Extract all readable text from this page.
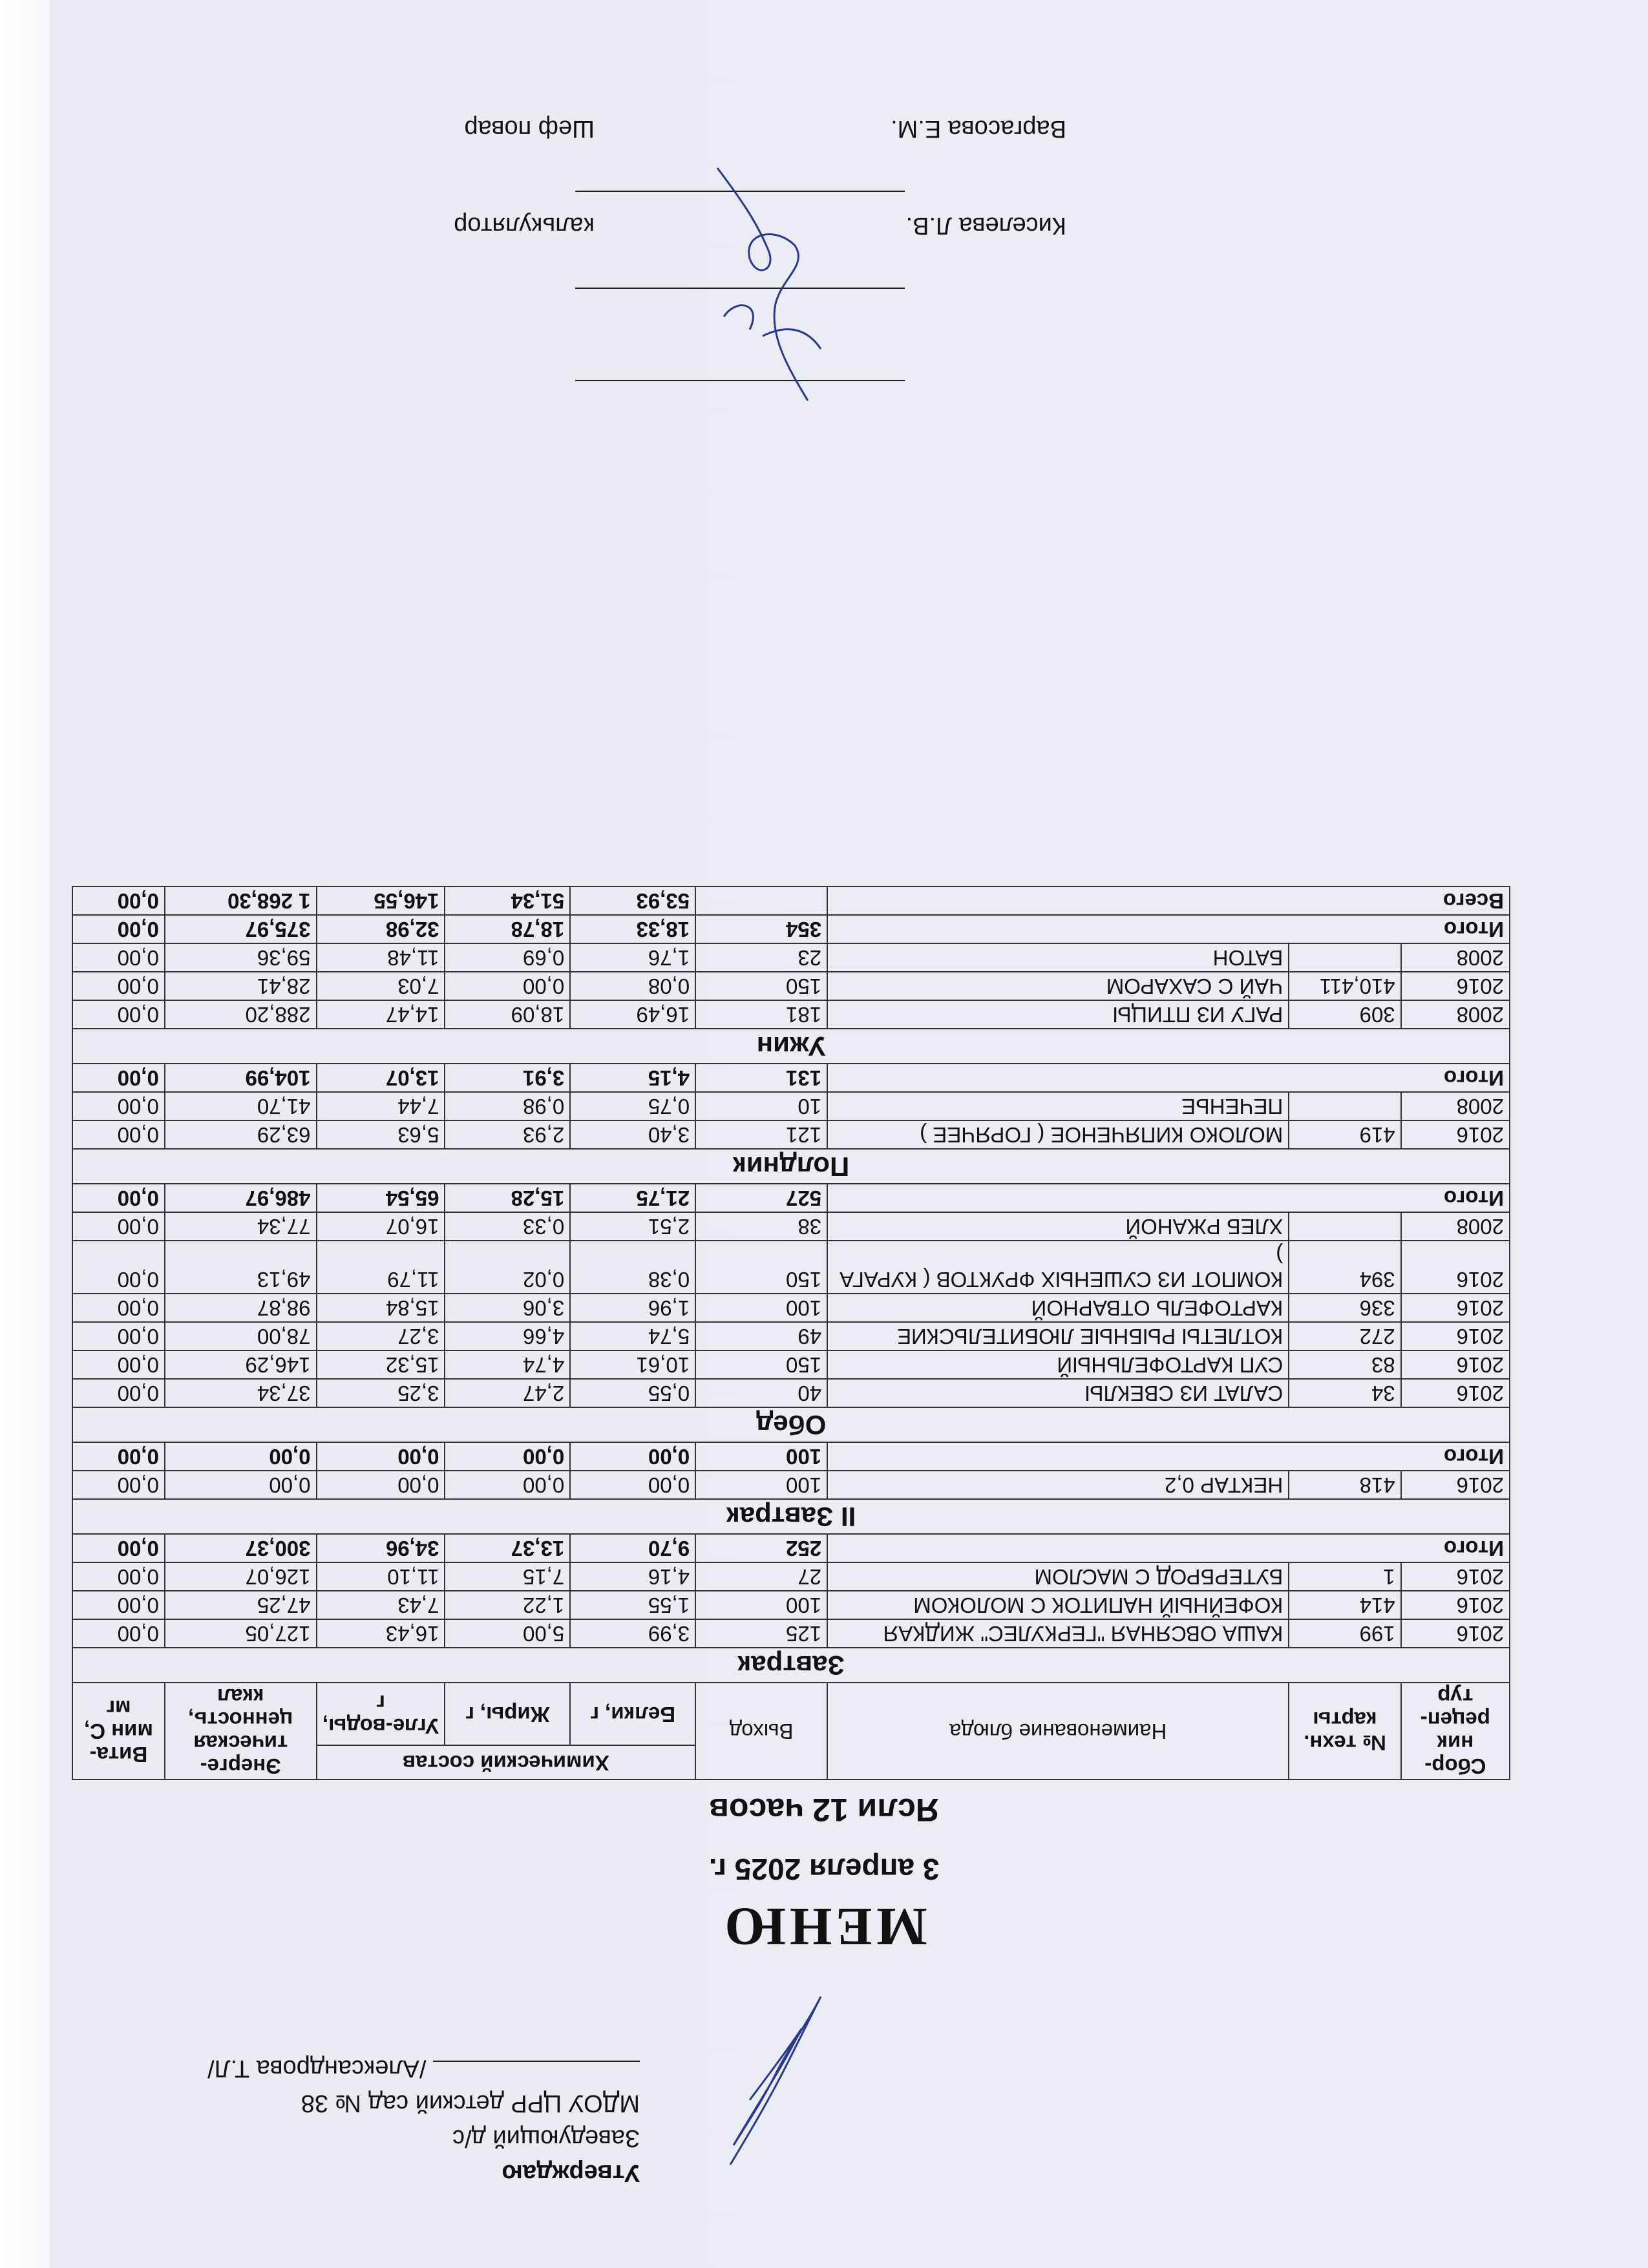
Утверждаю
Заведующий д/с
МДОУ ЦРР детский сад № 38
/Александрова Т.Л/
МЕНЮ
3 апреля 2025 г.
Ясли 12 часов
Сбор-ник рецеп-тур	№ техн. карты	Наименование блюда	Выход	Химический состав			Энерге-тическая ценность, ккал	Вита-мин С, мг
				Белки, г	Жиры, г	Угле-воды, г		
Завтрак								
2016	199	КАША ОВСЯНАЯ "ГЕРКУЛЕС" ЖИДКАЯ	125	3,99	5,00	16,43	127,05	0,00
2016	414	КОФЕЙНЫЙ НАПИТОК С МОЛОКОМ	100	1,55	1,22	7,43	47,25	0,00
2016	1	БУТЕРБРОД С МАСЛОМ	27	4,16	7,15	11,10	126,07	0,00
Итого			252	9,70	13,37	34,96	300,37	0,00
II Завтрак								
2016	418	НЕКТАР 0,2	100	0,00	0,00	0,00	0,00	0,00
Итого			100	0,00	0,00	0,00	0,00	0,00
Обед								
2016	34	САЛАТ ИЗ СВЕКЛЫ	40	0,55	2,47	3,25	37,34	0,00
2016	83	СУП КАРТОФЕЛЬНЫЙ	150	10,61	4,74	15,32	146,29	0,00
2016	272	КОТЛЕТЫ РЫБНЫЕ ЛЮБИТЕЛЬСКИЕ	49	5,74	4,66	3,27	78,00	0,00
2016	336	КАРТОФЕЛЬ ОТВАРНОЙ	100	1,96	3,06	15,84	98,87	0,00
2016	394	КОМПОТ ИЗ СУШЕНЫХ ФРУКТОВ ( КУРАГА )	150	0,38	0,02	11,79	49,13	0,00
2008		ХЛЕБ РЖАНОЙ	38	2,51	0,33	16,07	77,34	0,00
Итого			527	21,75	15,28	65,54	486,97	0,00
Полдник								
2016	419	МОЛОКО КИПЯЧЕНОЕ ( ГОРЯЧЕЕ )	121	3,40	2,93	5,63	63,29	0,00
2008		ПЕЧЕНЬЕ	10	0,75	0,98	7,44	41,70	0,00
Итого			131	4,15	3,91	13,07	104,99	0,00
Ужин								
2008	309	РАГУ ИЗ ПТИЦЫ	181	16,49	18,09	14,47	288,20	0,00
2016	410,411	ЧАЙ С САХАРОМ	150	0,08	0,00	7,03	28,41	0,00
2008		БАТОН	23	1,76	0,69	11,48	59,36	0,00
Итого			354	18,33	18,78	32,98	375,97	0,00
Всего				53,93	51,34	146,55	1 268,30	0,00
калькулятор
Шеф повар
Киселева Л.В.
Варгасова Е.М.
